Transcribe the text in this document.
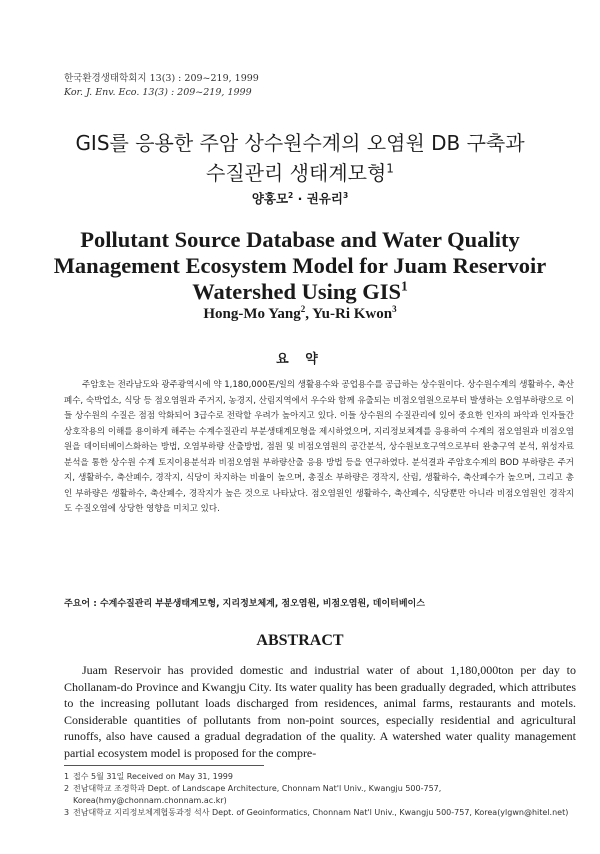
한국환경생태학회지 13(3) : 209~219, 1999
Kor. J. Env. Eco. 13(3) : 209~219, 1999
GIS를 응용한 주암 상수원수계의 오염원 DB 구축과
수질관리 생태계모형$^1$
양홍모$^2$ · 권유리$^3$
Pollutant Source Database and Water Quality
Management Ecosystem Model for Juam Reservoir
Watershed Using GIS$^1$
Hong-Mo Yang$^2$, Yu-Ri Kwon$^3$
요 약

주암호는 전라남도와 광주광역시에 약 1,180,000톤/일의 생활용수와 공업용수를 공급하는 상수원이다. 상수원수계의 생활하수, 축산폐수, 숙박업소, 식당 등 점오염원과 주거지, 농경지, 산림지역에서 우수와 함께 유출되는 비점오염원으로부터 발생하는 오염부하량으로 이들 상수원의 수질은 점점 악화되어 3급수로 전락할 우려가 높아지고 있다. 이들 상수원의 수질관리에 있어 중요한 인자의 파악과 인자들간 상호작용의 이해를 용이하게 해주는 수계수질관리 부분생태계모형을 제시하였으며, 지리정보체계를 응용하여 수계의 점오염원과 비점오염원을 데이터베이스화하는 방법, 오염부하량 산출방법, 점원 및 비점오염원의 공간분석, 상수원보호구역으로부터 완충구역 분석, 위성자료 분석을 통한 상수원 수계 토지이용분석과 비점오염원 부하량산출 응용 방법 등을 연구하였다. 분석결과 주암호수계의 BOD 부하량은 주거지, 생활하수, 축산폐수, 경작지, 식당이 차지하는 비율이 높으며, 총질소 부하량은 경작지, 산림, 생활하수, 축산폐수가 높으며, 그리고 총인 부하량은 생활하수, 축산폐수, 경작지가 높은 것으로 나타났다. 점오염원인 생활하수, 축산폐수, 식당뿐만 아니라 비점오염원인 경작지도 수질오염에 상당한 영향을 미치고 있다.

주요어 : 수계수질관리 부분생태계모형, 지리정보체계, 점오염원, 비점오염원, 데이터베이스
ABSTRACT

Juam Reservoir has provided domestic and industrial water of about 1,180,000ton per day to Chollanam-do Province and Kwangju City. Its water quality has been gradually degraded, which attributes to the increasing pollutant loads discharged from residences, animal farms, restaurants and motels. Considerable quantities of pollutants from non-point sources, especially residential and agricultural runoffs, also have caused a gradual degradation of the quality. A watershed water quality management partial ecosystem model is proposed for the compre-

1 접수 5월 31일 Received on May 31, 1999
2 전남대학교 조경학과 Dept. of Landscape Architecture, Chonnam Nat'l Univ., Kwangju 500-757, Korea(hmy@chonnam.chonnam.ac.kr)
3 전남대학교 지리정보체계협동과정 석사 Dept. of Geoinformatics, Chonnam Nat'l Univ., Kwangju 500-757, Korea(ylgwn@hitel.net)
